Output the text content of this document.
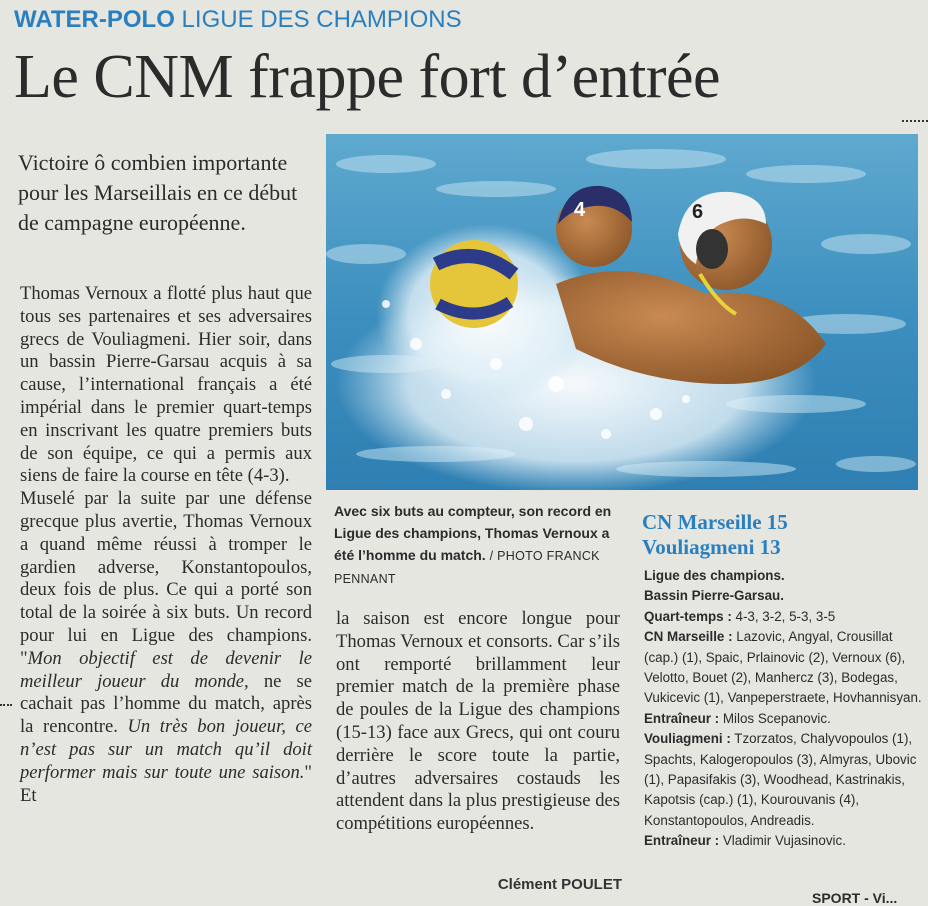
WATER-POLO LIGUE DES CHAMPIONS
Le CNM frappe fort d’entrée
Victoire ô combien importante pour les Marseillais en ce début de campagne européenne.

Thomas Vernoux a flotté plus haut que tous ses partenaires et ses adversaires grecs de Vouliagmeni. Hier soir, dans un bassin Pierre-Garsau acquis à sa cause, l’international français a été impérial dans le premier quart-temps en inscrivant les quatre premiers buts de son équipe, ce qui a permis aux siens de faire la course en tête (4-3).

Muselé par la suite par une défense grecque plus avertie, Thomas Vernoux a quand même réussi à tromper le gardien adverse, Konstantopoulos, deux fois de plus. Ce qui a porté son total de la soirée à six buts. Un record pour lui en Ligue des champions. "Mon objectif est de devenir le meilleur joueur du monde, ne se cachait pas l’homme du match, après la rencontre. Un très bon joueur, ce n’est pas sur un match qu’il doit performer mais sur toute une saison." Et

4	6
Avec six buts au compteur, son record en Ligue des champions, Thomas Vernoux a été l’homme du match. / PHOTO FRANCK PENNANT

la saison est encore longue pour Thomas Vernoux et consorts. Car s’ils ont remporté brillamment leur premier match de la première phase de poules de la Ligue des champions (15-13) face aux Grecs, qui ont couru derrière le score toute la partie, d’autres adversaires costauds les attendent dans la plus prestigieuse des compétitions européennes.

Clément POULET
CN Marseille 15
Vouliagmeni 13

Ligue des champions.

Bassin Pierre-Garsau.

Quart-temps : 4-3, 3-2, 5-3, 3-5

CN Marseille : Lazovic, Angyal, Crousillat (cap.) (1), Spaic, Prlainovic (2), Vernoux (6), Velotto, Bouet (2), Manhercz (3), Bodegas, Vukicevic (1), Vanpeperstraete, Hovhannisyan.

Entraîneur : Milos Scepanovic.

Vouliagmeni : Tzorzatos, Chalyvopoulos (1), Spachts, Kalogeropoulos (3), Almyras, Ubovic (1), Papasifakis (3), Woodhead, Kastrinakis, Kapotsis (cap.) (1), Kourouvanis (4), Konstantopoulos, Andreadis.

Entraîneur : Vladimir Vujasinovic.

SPORT - Vi...
